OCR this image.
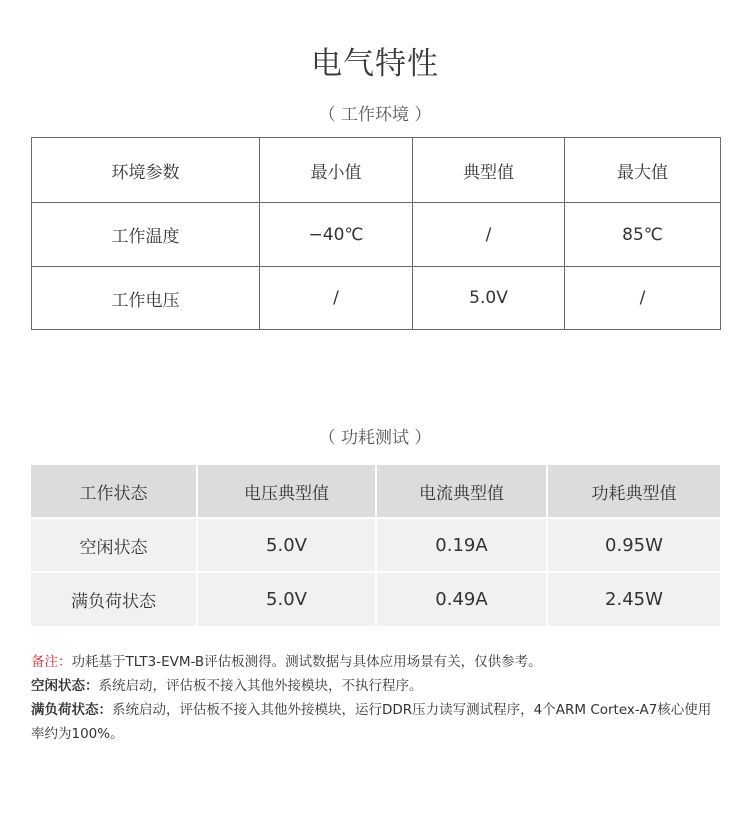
电气特性
（ 工作环境 ）
环境参数	最小值	典型值	最大值
工作温度	−40℃	/	85℃
工作电压	/	5.0V	/
（ 功耗测试 ）
工作状态	电压典型值	电流典型值	功耗典型值
空闲状态	5.0V	0.19A	0.95W
满负荷状态	5.0V	0.49A	2.45W

备注：功耗基于TLT3-EVM-B评估板测得。测试数据与具体应用场景有关，仅供参考。

空闲状态：系统启动，评估板不接入其他外接模块，不执行程序。

满负荷状态：系统启动，评估板不接入其他外接模块，运行DDR压力读写测试程序，4个ARM Cortex-A7核心使用率约为100%。
